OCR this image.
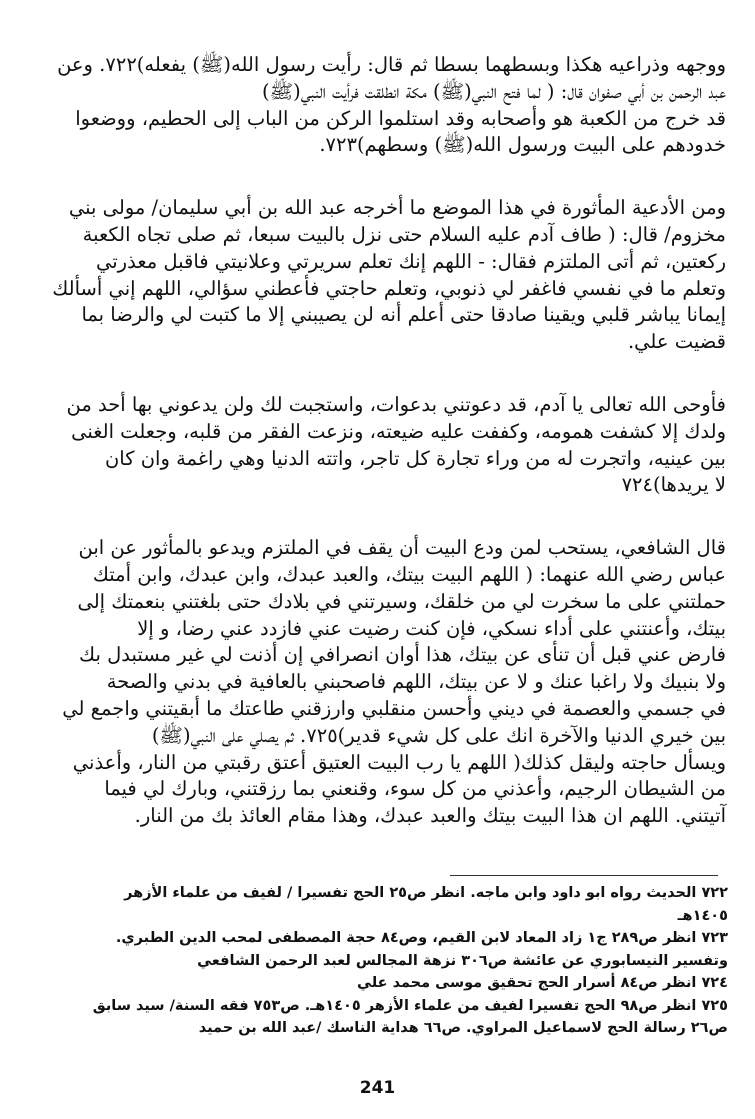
ووجهه وذراعيه هكذا وبسطهما بسطا ثم قال: رأيت رسول الله(ﷺ) يفعله)٧٢٢. وعن
عبد الرحمن بن أبي صفوان قال: ( لما فتح النبي(ﷺ) مكة انطلقت فرأيت النبي(ﷺ)
قد خرج من الكعبة هو وأصحابه وقد استلموا الركن من الباب إلى الحطيم، ووضعوا
خدودهم على البيت ورسول الله(ﷺ) وسطهم)٧٢٣.

ومن الأدعية المأثورة في هذا الموضع ما أخرجه عبد الله بن أبي سليمان/ مولى بني
مخزوم/ قال: ( طاف آدم عليه السلام حتى نزل بالبيت سبعا، ثم صلى تجاه الكعبة
ركعتين، ثم أتى الملتزم فقال: - اللهم إنك تعلم سريرتي وعلانيتي فاقبل معذرتي
وتعلم ما في نفسي فاغفر لي ذنوبي، وتعلم حاجتي فأعطني سؤالي، اللهم إني أسألك
إيمانا يباشر قلبي ويقينا صادقا حتى أعلم أنه لن يصيبني إلا ما كتبت لي والرضا بما
قضيت علي.

فأوحى الله تعالى يا آدم، قد دعوتني بدعوات، واستجبت لك ولن يدعوني بها أحد من
ولدك إلا كشفت همومه، وكففت عليه ضيعته، ونزعت الفقر من قلبه، وجعلت الغنى
بين عينيه، واتجرت له من وراء تجارة كل تاجر، واتته الدنيا وهي راغمة وان كان
لا يريدها)٧٢٤

قال الشافعي، يستحب لمن ودع البيت أن يقف في الملتزم ويدعو بالمأثور عن ابن
عباس رضي الله عنهما: ( اللهم البيت بيتك، والعبد عبدك، وابن عبدك، وابن أمتك
حملتني على ما سخرت لي من خلقك، وسيرتني في بلادك حتى بلغتني بنعمتك إلى
بيتك، وأعنتني على أداء نسكي، فإن كنت رضيت عني فازدد عني رضا، و إلا
فارض عني قبل أن تنأى عن بيتك، هذا أوان انصرافي إن أذنت لي غير مستبدل بك
ولا بنبيك ولا راغبا عنك و لا عن بيتك، اللهم فاصحبني بالعافية في بدني والصحة
في جسمي والعصمة في ديني وأحسن منقلبي وارزقني طاعتك ما أبقيتني واجمع لي
بين خيري الدنيا والآخرة انك على كل شيء قدير)٧٢٥. ثم يصلي على النبي(ﷺ)
ويسأل حاجته وليقل كذلك( اللهم يا رب البيت العتيق أعتق رقبتي من النار، وأعذني
من الشيطان الرجيم، وأعذني من كل سوء، وقنعني بما رزقتني، وبارك لي فيما
آتيتني. اللهم ان هذا البيت بيتك والعبد عبدك، وهذا مقام العائذ بك من النار.

٧٢٢ الحديث رواه ابو داود وابن ماجه. انظر ص٢٥ الحج تفسيرا / لفيف من علماء الأزهر
١٤٠٥هـ

٧٢٣ انظر ص٢٨٩ ج١ زاد المعاد لابن القيم، وص٨٤ حجة المصطفى لمحب الدين الطبري.
وتفسير النيسابوري عن عائشة ص٣٠٦ نزهة المجالس لعبد الرحمن الشافعي

٧٢٤ انظر ص٨٤ أسرار الحج تحقيق موسى محمد علي

٧٢٥ انظر ص٩٨ الحج تفسيرا لفيف من علماء الأزهر ١٤٠٥هـ. ص٧٥٣ فقه السنة/ سيد سابق
ص٢٦ رسالة الحج لاسماعيل المراوي. ص٦٦ هداية الناسك /عبد الله بن حميد

241
